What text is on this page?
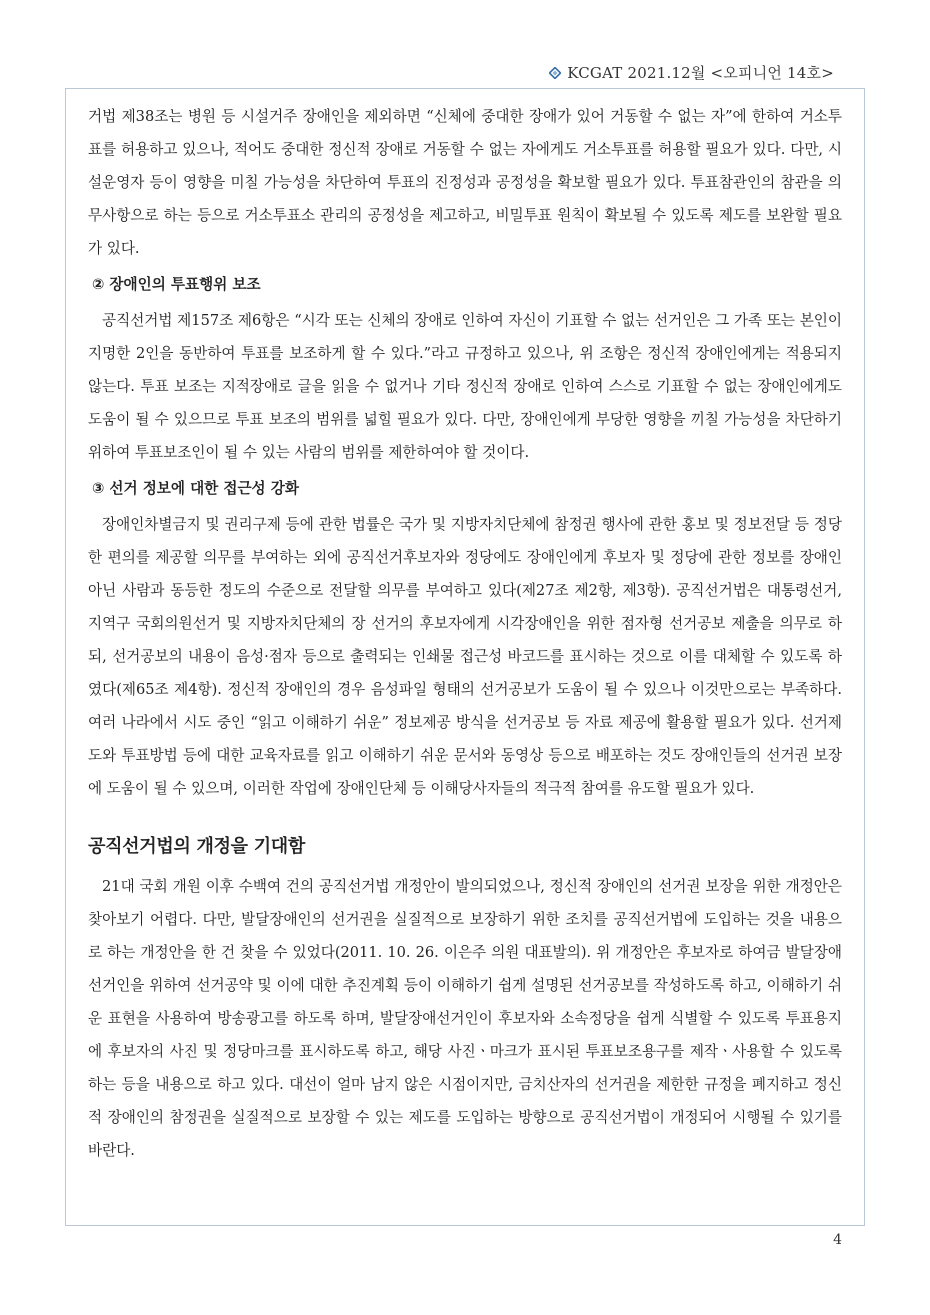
KCGAT 2021.12월 <오피니언 14호>

거법 제38조는 병원 등 시설거주 장애인을 제외하면 “신체에 중대한 장애가 있어 거동할 수 없는 자”에 한하여 거소투표를 허용하고 있으나, 적어도 중대한 정신적 장애로 거동할 수 없는 자에게도 거소투표를 허용할 필요가 있다. 다만, 시설운영자 등이 영향을 미칠 가능성을 차단하여 투표의 진정성과 공정성을 확보할 필요가 있다. 투표참관인의 참관을 의무사항으로 하는 등으로 거소투표소 관리의 공정성을 제고하고, 비밀투표 원칙이 확보될 수 있도록 제도를 보완할 필요가 있다.

② 장애인의 투표행위 보조

공직선거법 제157조 제6항은 “시각 또는 신체의 장애로 인하여 자신이 기표할 수 없는 선거인은 그 가족 또는 본인이 지명한 2인을 동반하여 투표를 보조하게 할 수 있다.”라고 규정하고 있으나, 위 조항은 정신적 장애인에게는 적용되지 않는다. 투표 보조는 지적장애로 글을 읽을 수 없거나 기타 정신적 장애로 인하여 스스로 기표할 수 없는 장애인에게도 도움이 될 수 있으므로 투표 보조의 범위를 넓힐 필요가 있다. 다만, 장애인에게 부당한 영향을 끼칠 가능성을 차단하기 위하여 투표보조인이 될 수 있는 사람의 범위를 제한하여야 할 것이다.

③ 선거 정보에 대한 접근성 강화

장애인차별금지 및 권리구제 등에 관한 법률은 국가 및 지방자치단체에 참정권 행사에 관한 홍보 및 정보전달 등 정당한 편의를 제공할 의무를 부여하는 외에 공직선거후보자와 정당에도 장애인에게 후보자 및 정당에 관한 정보를 장애인 아닌 사람과 동등한 정도의 수준으로 전달할 의무를 부여하고 있다(제27조 제2항, 제3항). 공직선거법은 대통령선거, 지역구 국회의원선거 및 지방자치단체의 장 선거의 후보자에게 시각장애인을 위한 점자형 선거공보 제출을 의무로 하되, 선거공보의 내용이 음성·점자 등으로 출력되는 인쇄물 접근성 바코드를 표시하는 것으로 이를 대체할 수 있도록 하였다(제65조 제4항). 정신적 장애인의 경우 음성파일 형태의 선거공보가 도움이 될 수 있으나 이것만으로는 부족하다. 여러 나라에서 시도 중인 “읽고 이해하기 쉬운” 정보제공 방식을 선거공보 등 자료 제공에 활용할 필요가 있다. 선거제도와 투표방법 등에 대한 교육자료를 읽고 이해하기 쉬운 문서와 동영상 등으로 배포하는 것도 장애인들의 선거권 보장에 도움이 될 수 있으며, 이러한 작업에 장애인단체 등 이해당사자들의 적극적 참여를 유도할 필요가 있다.

공직선거법의 개정을 기대함

21대 국회 개원 이후 수백여 건의 공직선거법 개정안이 발의되었으나, 정신적 장애인의 선거권 보장을 위한 개정안은 찾아보기 어렵다. 다만, 발달장애인의 선거권을 실질적으로 보장하기 위한 조치를 공직선거법에 도입하는 것을 내용으로 하는 개정안을 한 건 찾을 수 있었다(2011. 10. 26. 이은주 의원 대표발의). 위 개정안은 후보자로 하여금 발달장애선거인을 위하여 선거공약 및 이에 대한 추진계획 등이 이해하기 쉽게 설명된 선거공보를 작성하도록 하고, 이해하기 쉬운 표현을 사용하여 방송광고를 하도록 하며, 발달장애선거인이 후보자와 소속정당을 쉽게 식별할 수 있도록 투표용지에 후보자의 사진 및 정당마크를 표시하도록 하고, 해당 사진ㆍ마크가 표시된 투표보조용구를 제작ㆍ사용할 수 있도록 하는 등을 내용으로 하고 있다. 대선이 얼마 남지 않은 시점이지만, 금치산자의 선거권을 제한한 규정을 폐지하고 정신적 장애인의 참정권을 실질적으로 보장할 수 있는 제도를 도입하는 방향으로 공직선거법이 개정되어 시행될 수 있기를 바란다.

4
